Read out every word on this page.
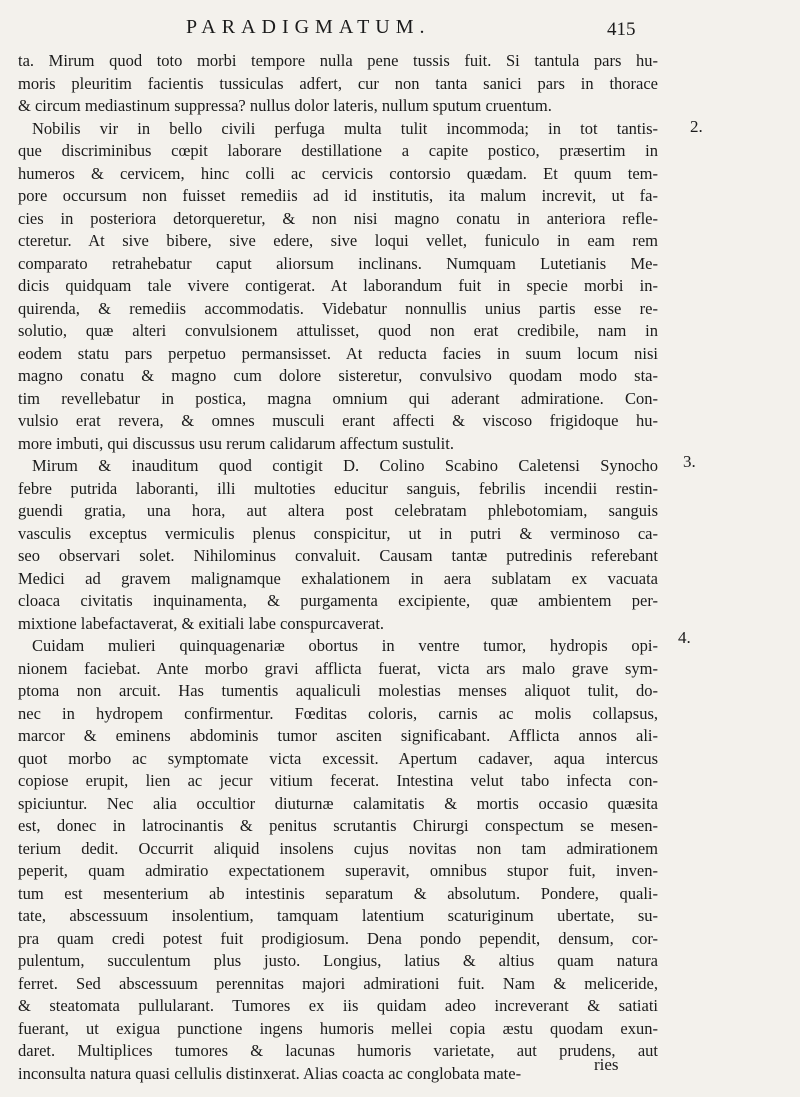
PARADIGMATUM.	415
ta. Mirum quod toto morbi tempore nulla pene tussis fuit. Si tantula pars hu-
moris pleuritim facientis tussiculas adfert, cur non tanta sanici pars in thorace
& circum mediastinum suppressa? nullus dolor lateris, nullum sputum cruentum.
Nobilis vir in bello civili perfuga multa tulit incommoda; in tot tantis-
que discriminibus cœpit laborare destillatione a capite postico, præsertim in
humeros & cervicem, hinc colli ac cervicis contorsio quædam. Et quum tem-
pore occursum non fuisset remediis ad id institutis, ita malum increvit, ut fa-
cies in posteriora detorqueretur, & non nisi magno conatu in anteriora refle-
cteretur. At sive bibere, sive edere, sive loqui vellet, funiculo in eam rem
comparato retrahebatur caput aliorsum inclinans. Numquam Lutetianis Me-
dicis quidquam tale vivere contigerat. At laborandum fuit in specie morbi in-
quirenda, & remediis accommodatis. Videbatur nonnullis unius partis esse re-
solutio, quæ alteri convulsionem attulisset, quod non erat credibile, nam in
eodem statu pars perpetuo permansisset. At reducta facies in suum locum nisi
magno conatu & magno cum dolore sisteretur, convulsivo quodam modo sta-
tim revellebatur in postica, magna omnium qui aderant admiratione. Con-
vulsio erat revera, & omnes musculi erant affecti & viscoso frigidoque hu-
more imbuti, qui discussus usu rerum calidarum affectum sustulit.
Mirum & inauditum quod contigit D. Colino Scabino Caletensi Synocho
febre putrida laboranti, illi multoties educitur sanguis, febrilis incendii restin-
guendi gratia, una hora, aut altera post celebratam phlebotomiam, sanguis
vasculis exceptus vermiculis plenus conspicitur, ut in putri & verminoso ca-
seo observari solet. Nihilominus convaluit. Causam tantæ putredinis referebant
Medici ad gravem malignamque exhalationem in aera sublatam ex vacuata
cloaca civitatis inquinamenta, & purgamenta excipiente, quæ ambientem per-
mixtione labefactaverat, & exitiali labe conspurcaverat.
Cuidam mulieri quinquagenariæ obortus in ventre tumor, hydropis opi-
nionem faciebat. Ante morbo gravi afflicta fuerat, victa ars malo grave sym-
ptoma non arcuit. Has tumentis aqualiculi molestias menses aliquot tulit, do-
nec in hydropem confirmentur. Fœditas coloris, carnis ac molis collapsus,
marcor & eminens abdominis tumor asciten significabant. Afflicta annos ali-
quot morbo ac symptomate victa excessit. Apertum cadaver, aqua intercus
copiose erupit, lien ac jecur vitium fecerat. Intestina velut tabo infecta con-
spiciuntur. Nec alia occultior diuturnæ calamitatis & mortis occasio quæsita
est, donec in latrocinantis & penitus scrutantis Chirurgi conspectum se mesen-
terium dedit. Occurrit aliquid insolens cujus novitas non tam admirationem
peperit, quam admiratio expectationem superavit, omnibus stupor fuit, inven-
tum est mesenterium ab intestinis separatum & absolutum. Pondere, quali-
tate, abscessuum insolentium, tamquam latentium scaturiginum ubertate, su-
pra quam credi potest fuit prodigiosum. Dena pondo pependit, densum, cor-
pulentum, succulentum plus justo. Longius, latius & altius quam natura
ferret. Sed abscessuum perennitas majori admirationi fuit. Nam & meliceride,
& steatomata pullularant. Tumores ex iis quidam adeo increverant & satiati
fuerant, ut exigua punctione ingens humoris mellei copia æstu quodam exun-
daret. Multiplices tumores & lacunas humoris varietate, aut prudens, aut
inconsulta natura quasi cellulis distinxerat. Alias coacta ac conglobata mate-
2.
3.
4.
ries
